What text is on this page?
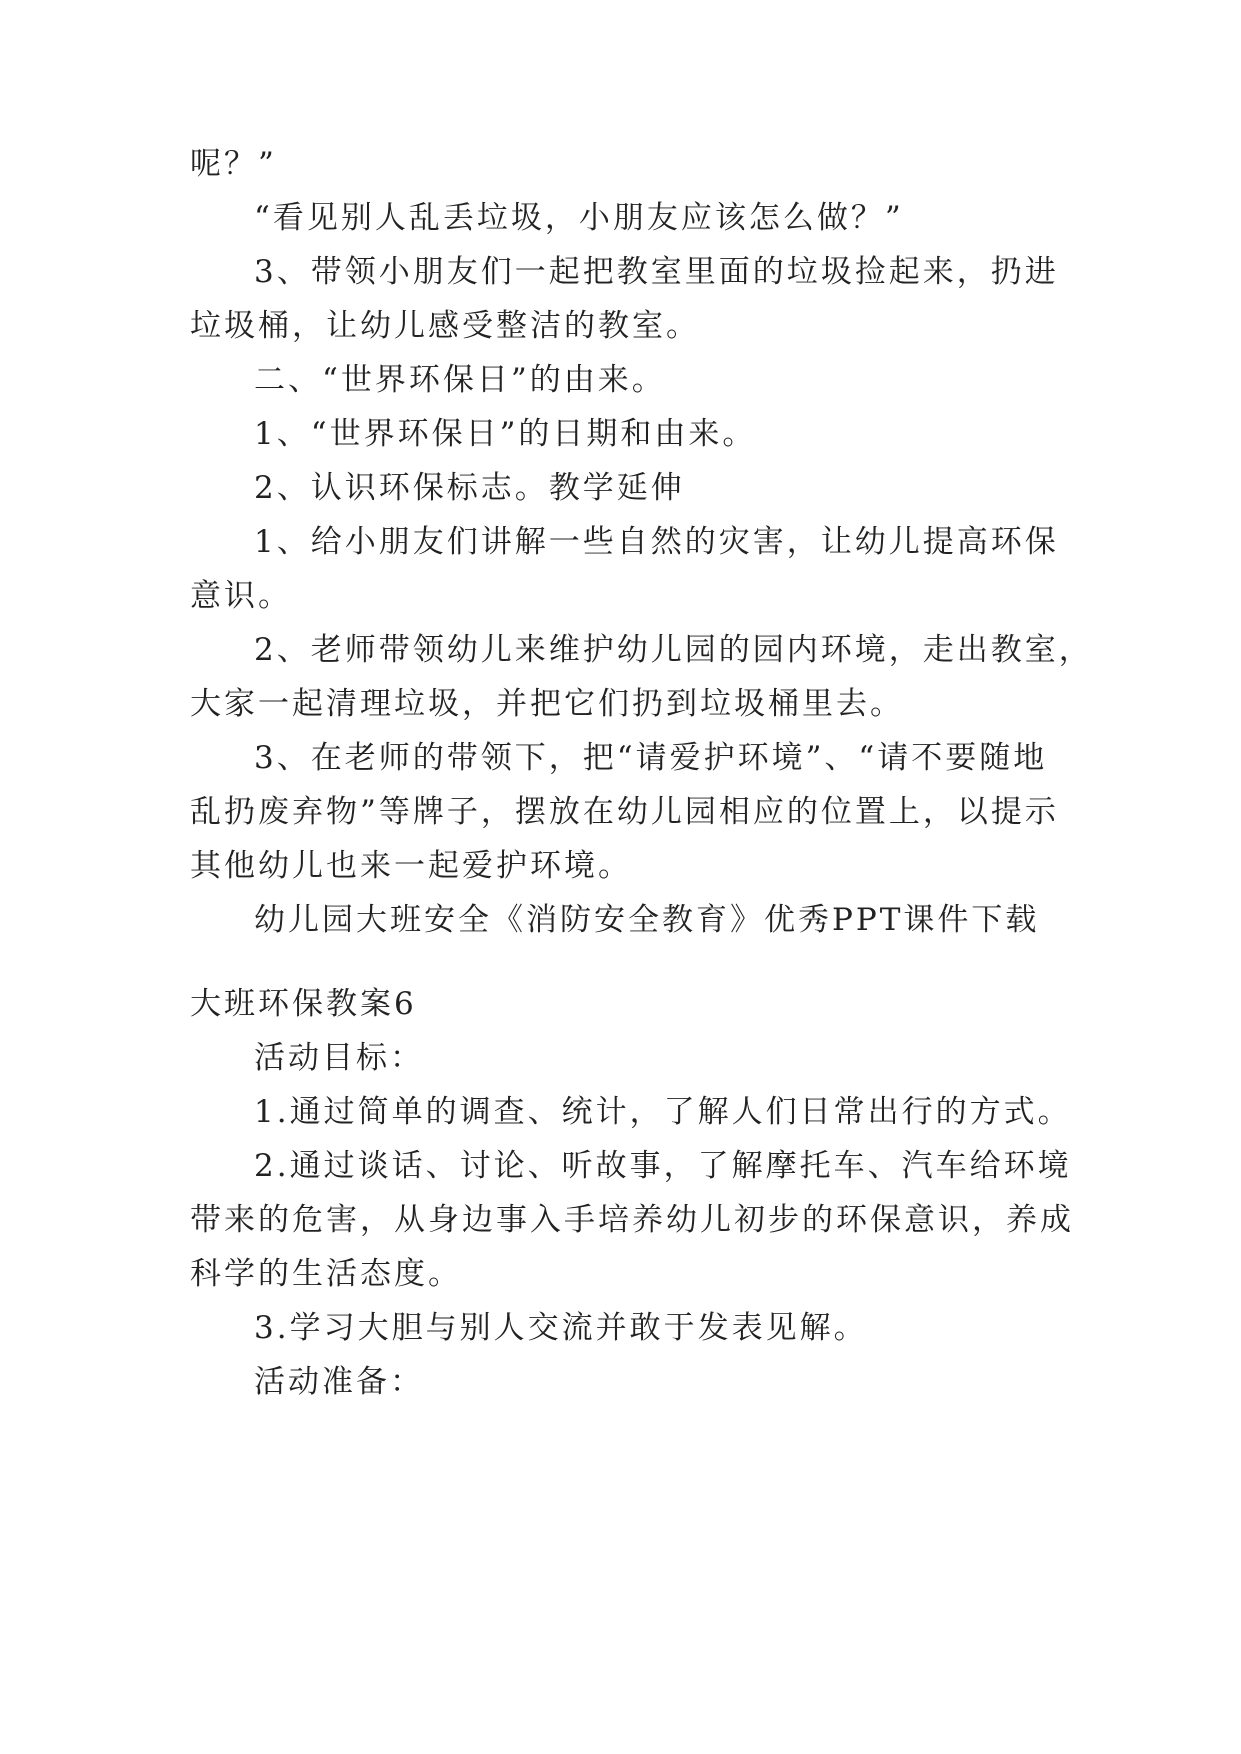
呢？”
“看见别人乱丢垃圾，小朋友应该怎么做？”
3、带领小朋友们一起把教室里面的垃圾捡起来，扔进
垃圾桶，让幼儿感受整洁的教室。
二、“世界环保日”的由来。
1、“世界环保日”的日期和由来。
2、认识环保标志。教学延伸
1、给小朋友们讲解一些自然的灾害，让幼儿提高环保
意识。
2、老师带领幼儿来维护幼儿园的园内环境，走出教室，
大家一起清理垃圾，并把它们扔到垃圾桶里去。
3、在老师的带领下，把“请爱护环境”、“请不要随地
乱扔废弃物”等牌子，摆放在幼儿园相应的位置上，以提示
其他幼儿也来一起爱护环境。
幼儿园大班安全《消防安全教育》优秀PPT课件下载
大班环保教案6
活动目标：
1.通过简单的调查、统计，了解人们日常出行的方式。
2.通过谈话、讨论、听故事，了解摩托车、汽车给环境
带来的危害，从身边事入手培养幼儿初步的环保意识，养成
科学的生活态度。
3.学习大胆与别人交流并敢于发表见解。
活动准备：
